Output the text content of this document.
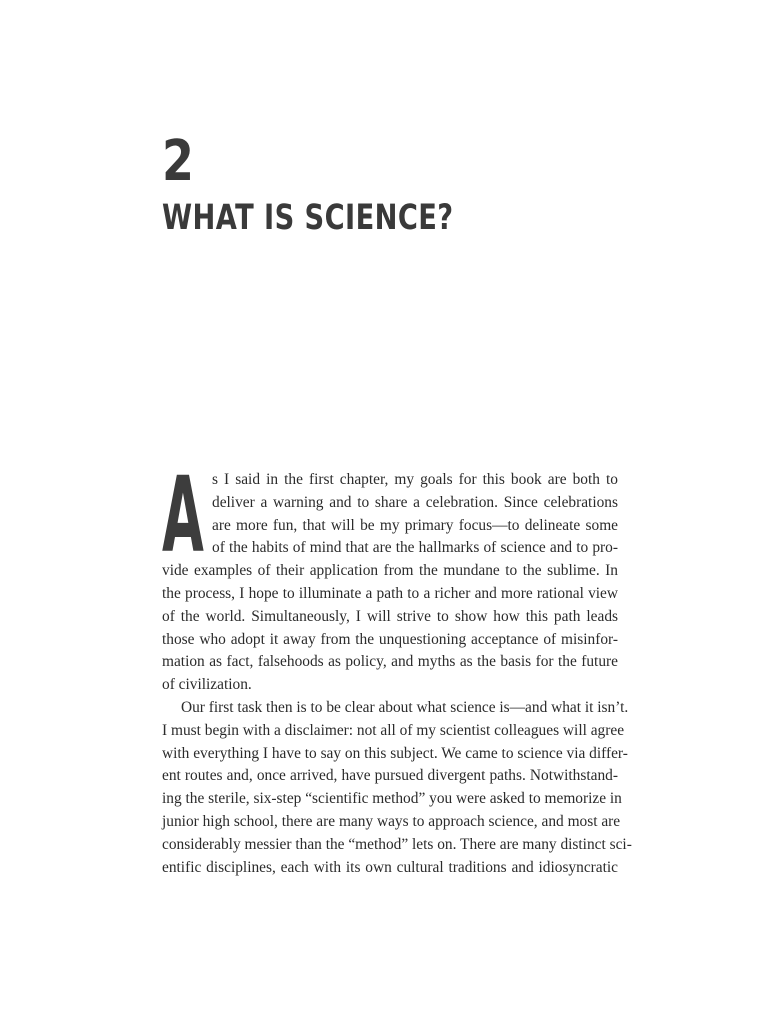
2
WHAT IS SCIENCE?
A s I said in the first chapter, my goals for this book are both to
deliver a warning and to share a celebration. Since celebrations
are more fun, that will be my primary focus—to delineate some
of the habits of mind that are the hallmarks of science and to pro-
vide examples of their application from the mundane to the sublime. In
the process, I hope to illuminate a path to a richer and more rational view
of the world. Simultaneously, I will strive to show how this path leads
those who adopt it away from the unquestioning acceptance of misinfor-
mation as fact, falsehoods as policy, and myths as the basis for the future
of civilization.
Our first task then is to be clear about what science is—and what it isn’t.
I must begin with a disclaimer: not all of my scientist colleagues will agree
with everything I have to say on this subject. We came to science via differ-
ent routes and, once arrived, have pursued divergent paths. Notwithstand-
ing the sterile, six-step “scientific method” you were asked to memorize in
junior high school, there are many ways to approach science, and most are
considerably messier than the “method” lets on. There are many distinct sci-
entific disciplines, each with its own cultural traditions and idiosyncratic
